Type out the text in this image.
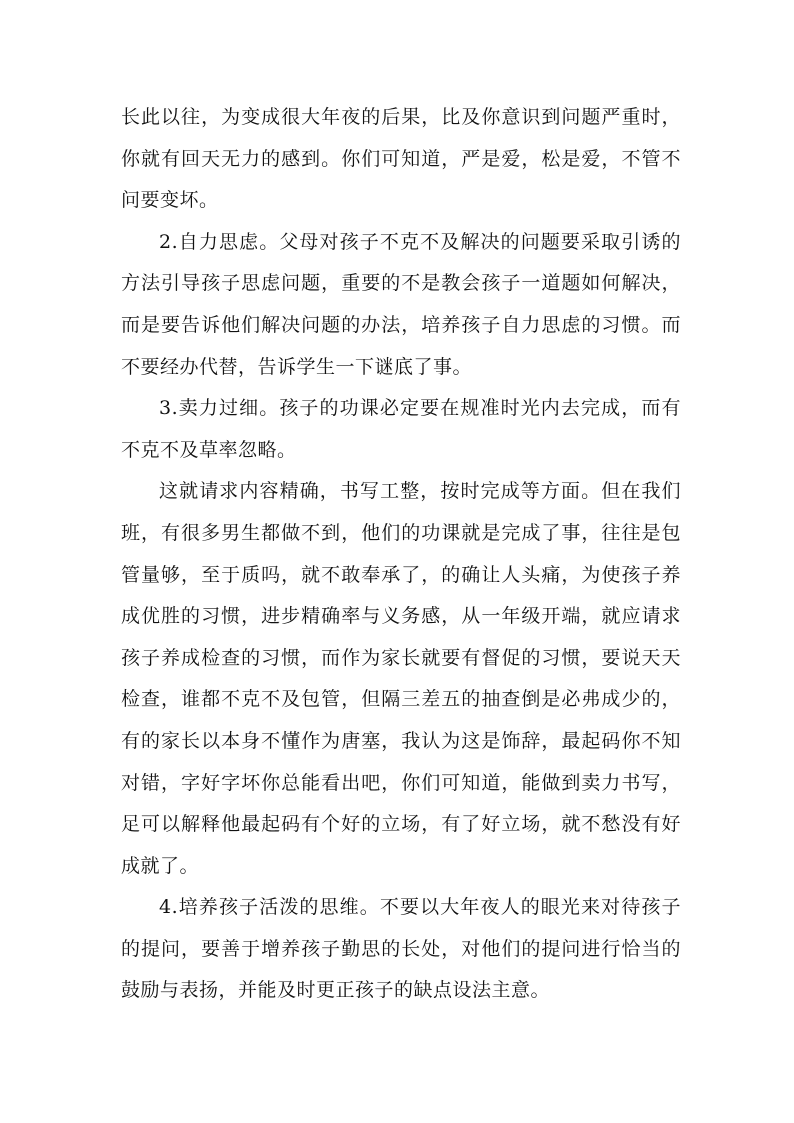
长此以往，为变成很大年夜的后果，比及你意识到问题严重时，你就有回天无力的感到。你们可知道，严是爱，松是爱，不管不问要变坏。

2.自力思虑。父母对孩子不克不及解决的问题要采取引诱的方法引导孩子思虑问题，重要的不是教会孩子一道题如何解决，而是要告诉他们解决问题的办法，培养孩子自力思虑的习惯。而不要经办代替，告诉学生一下谜底了事。

3.卖力过细。孩子的功课必定要在规准时光内去完成，而有不克不及草率忽略。

这就请求内容精确，书写工整，按时完成等方面。但在我们班，有很多男生都做不到，他们的功课就是完成了事，往往是包管量够，至于质吗，就不敢奉承了，的确让人头痛，为使孩子养成优胜的习惯，进步精确率与义务感，从一年级开端，就应请求孩子养成检查的习惯，而作为家长就要有督促的习惯，要说天天检查，谁都不克不及包管，但隔三差五的抽查倒是必弗成少的，有的家长以本身不懂作为唐塞，我认为这是饰辞，最起码你不知对错，字好字坏你总能看出吧，你们可知道，能做到卖力书写，足可以解释他最起码有个好的立场，有了好立场，就不愁没有好成就了。

4.培养孩子活泼的思维。不要以大年夜人的眼光来对待孩子的提问，要善于增养孩子勤思的长处，对他们的提问进行恰当的鼓励与表扬，并能及时更正孩子的缺点设法主意。
